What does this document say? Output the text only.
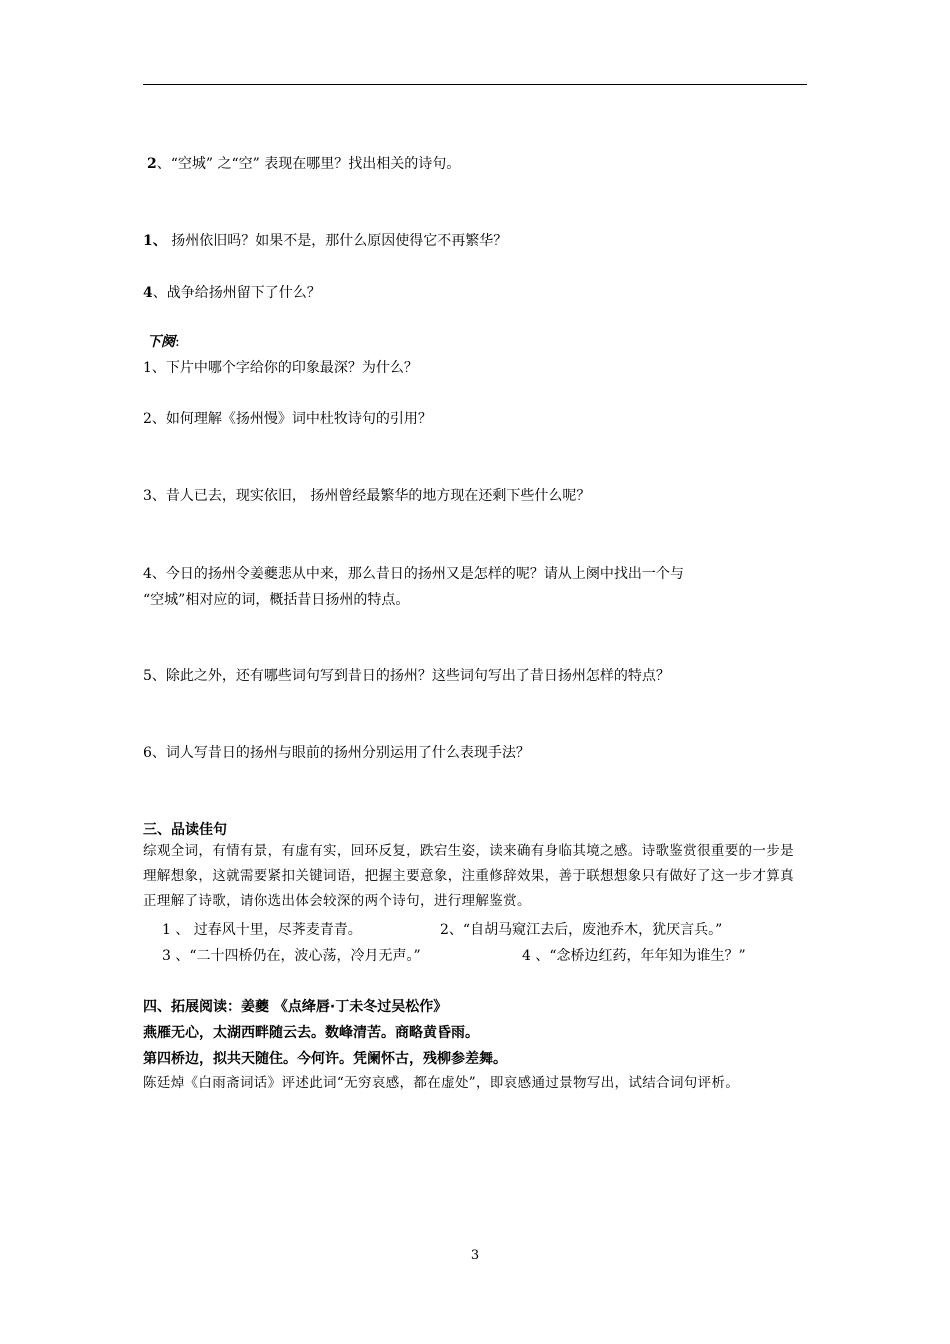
2、“空城” 之“空” 表现在哪里？找出相关的诗句。
1、 扬州依旧吗？如果不是，那什么原因使得它不再繁华？
4、战争给扬州留下了什么？
下阕:
1、下片中哪个字给你的印象最深？为什么？
2、如何理解《扬州慢》词中杜牧诗句的引用？
3、昔人已去，现实依旧， 扬州曾经最繁华的地方现在还剩下些什么呢？
4、今日的扬州令姜夔悲从中来，那么昔日的扬州又是怎样的呢？请从上阕中找出一个与
“空城”相对应的词，概括昔日扬州的特点。
5、除此之外，还有哪些词句写到昔日的扬州？这些词句写出了昔日扬州怎样的特点？
6、词人写昔日的扬州与眼前的扬州分别运用了什么表现手法？
三、品读佳句
综观全词，有情有景，有虚有实，回环反复，跌宕生姿，读来确有身临其境之感。诗歌鉴赏很重要的一步是理解想象，这就需要紧扣关键词语，把握主要意象，注重修辞效果，善于联想想象只有做好了这一步才算真正理解了诗歌，请你选出体会较深的两个诗句，进行理解鉴赏。
1 、 过春风十里，尽荠麦青青。	2、“自胡马窥江去后，废池乔木，犹厌言兵。”
3 、“二十四桥仍在，波心荡，冷月无声。”	4 、“念桥边红药，年年知为谁生？”
四、拓展阅读：姜夔 《点绛唇·丁未冬过吴松作》
燕雁无心，太湖西畔随云去。数峰清苦。商略黄昏雨。
第四桥边，拟共天随住。今何许。凭阑怀古，残柳参差舞。
陈廷焯《白雨斋词话》评述此词“无穷哀感，都在虚处”，即哀感通过景物写出，试结合词句评析。
3
